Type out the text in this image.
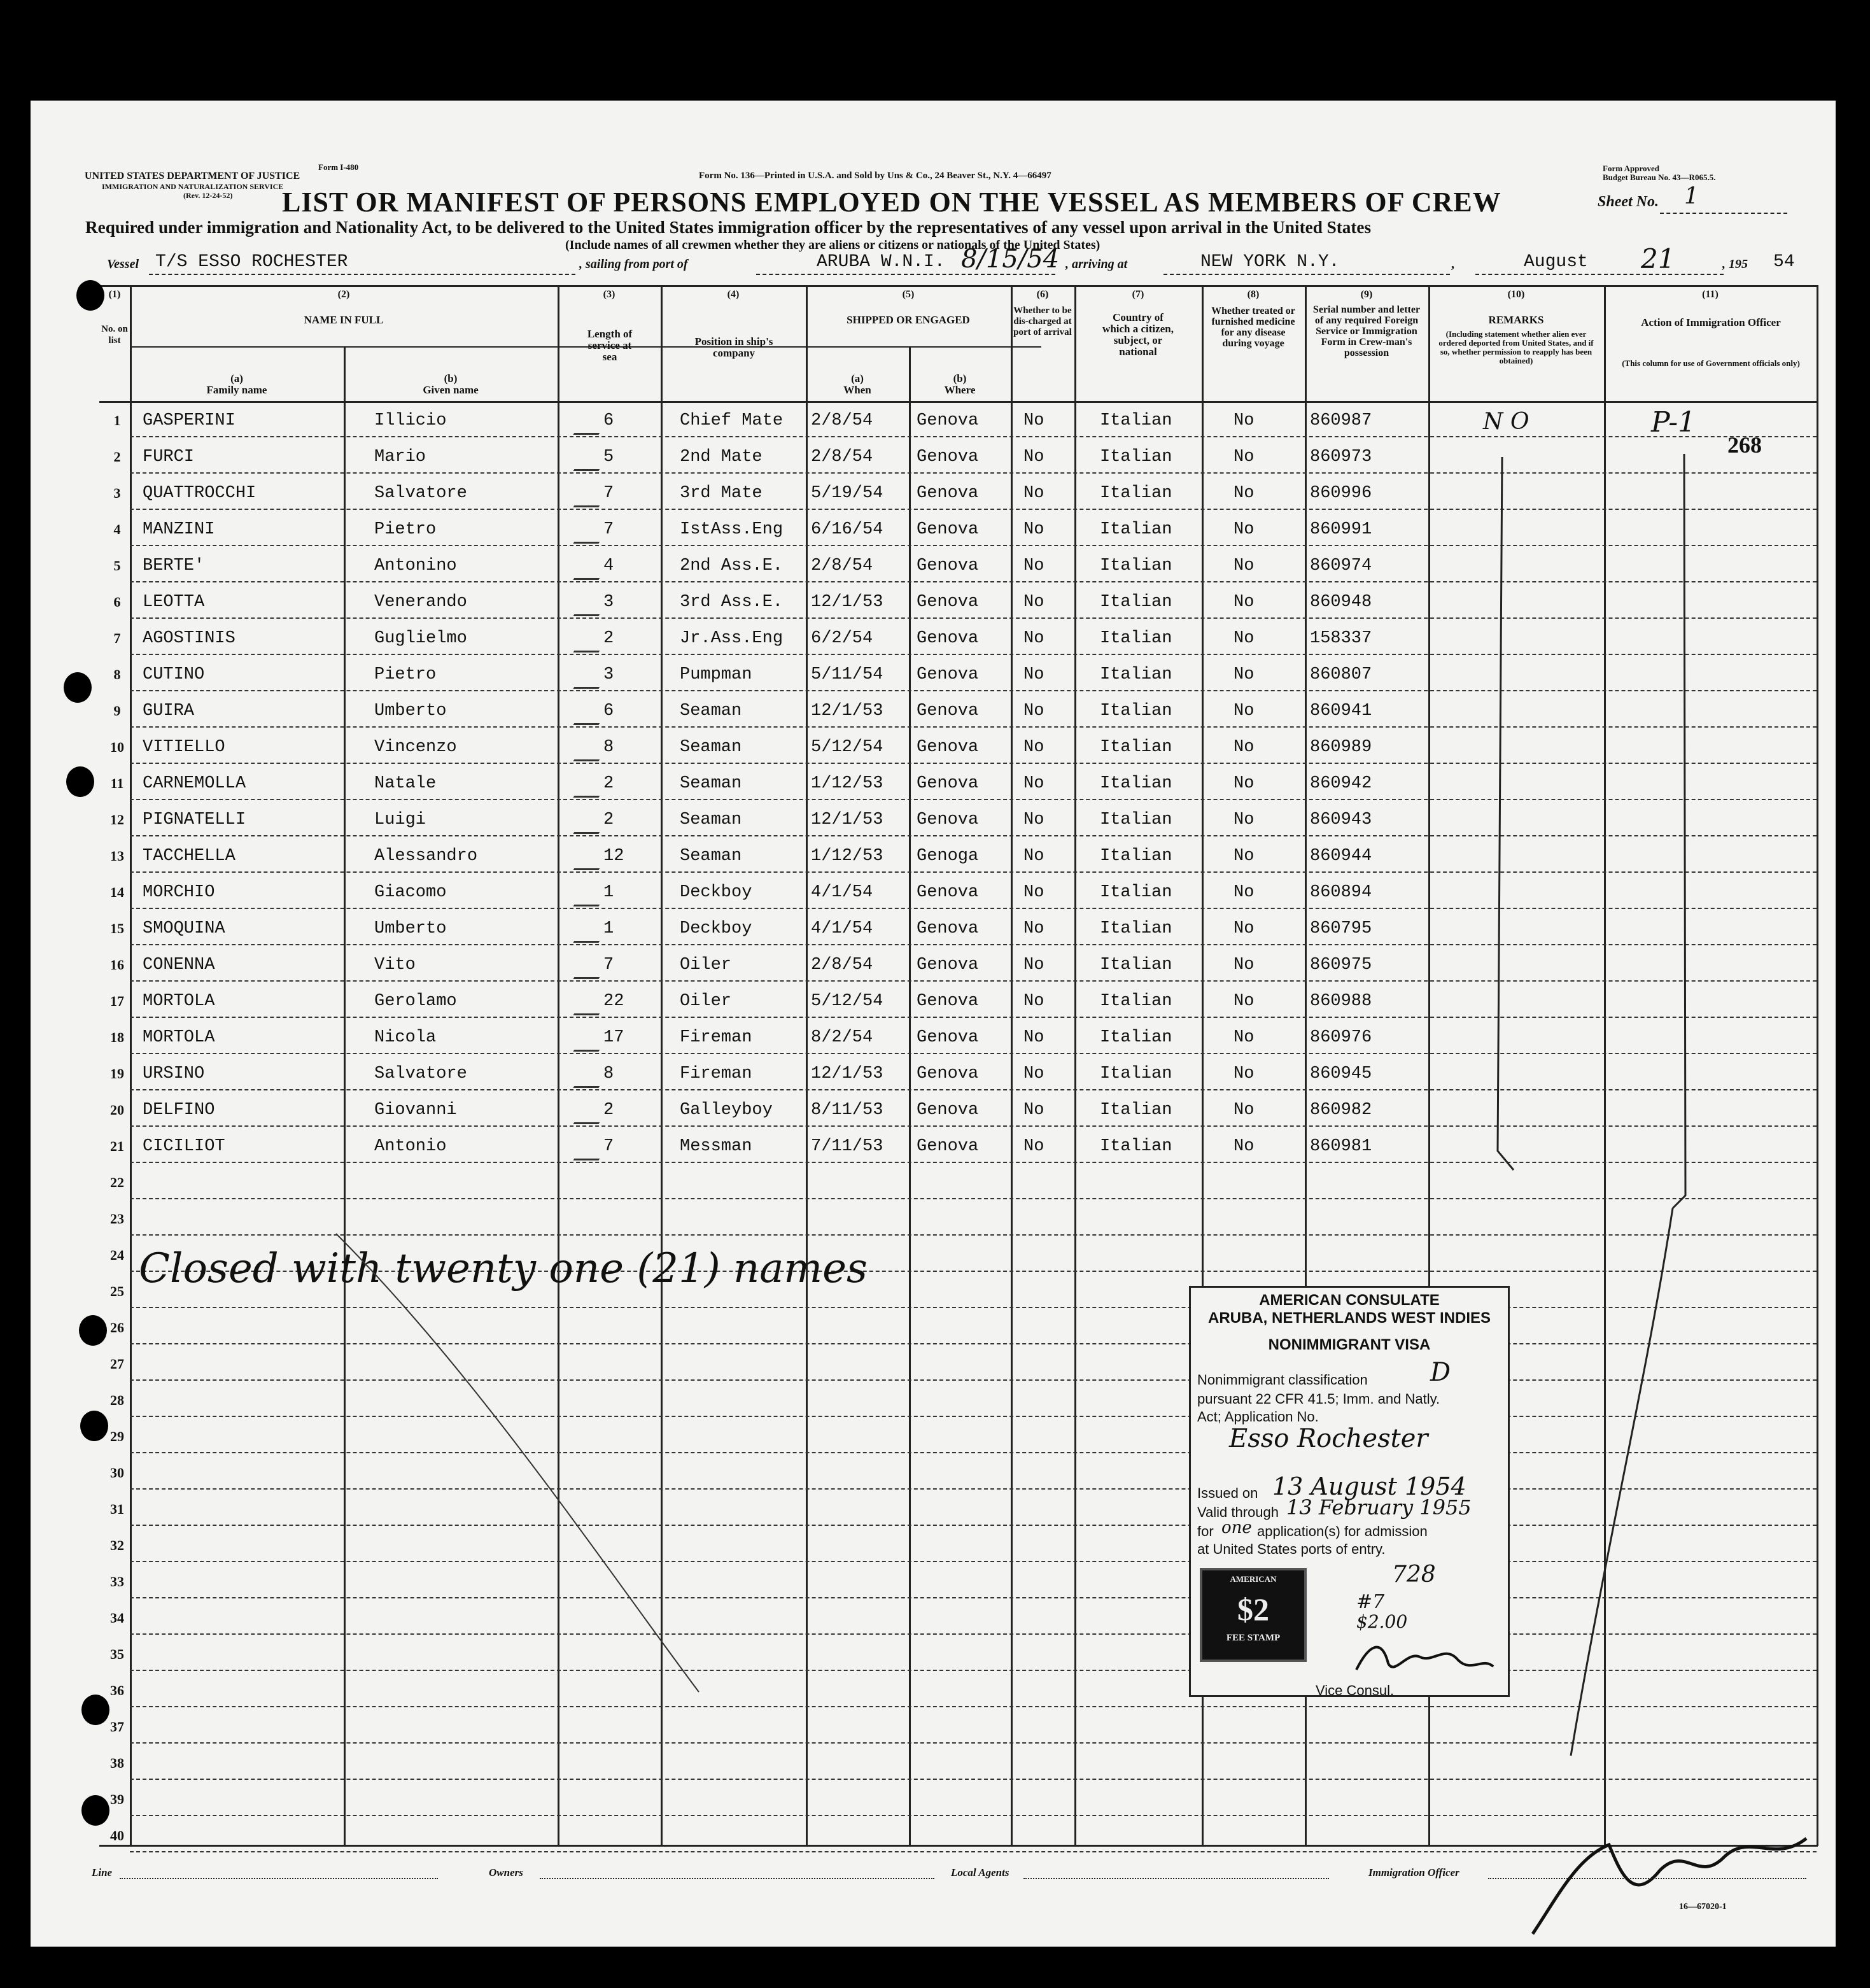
Form I-480
UNITED STATES DEPARTMENT OF JUSTICE
IMMIGRATION AND NATURALIZATION SERVICE
(Rev. 12-24-52)
Form No. 136—Printed in U.S.A. and Sold by Uns & Co., 24 Beaver St., N.Y. 4—66497
Form Approved
Budget Bureau No. 43—R065.5.
LIST OR MANIFEST OF PERSONS EMPLOYED ON THE VESSEL AS MEMBERS OF CREW	Sheet No. 1
Required under immigration and Nationality Act, to be delivered to the United States immigration officer by the representatives of any vessel upon arrival in the United States
(Include names of all crewmen whether they are aliens or citizens or nationals of the United States)
Vessel T/S ESSO ROCHESTER	, sailing from port of	ARUBA W.N.I. 8/15/54 , arriving at	NEW YORK N.Y.	,	August 21	, 195 54
(1)
No. on list
(2)
NAME IN FULL
(a)
Family name
(b)
Given name
(3)
Length of service at sea
(4)
Position in ship's company
(5)
SHIPPED OR ENGAGED
(a)
When
(b)
Where
(6)
Whether to be dis-charged at port of arrival
(7)
Country of which a citizen, subject, or national
(8)
Whether treated or furnished medicine for any disease during voyage
(9)
Serial number and letter of any required Foreign Service or Immigration Form in Crew-man's possession
(10)
REMARKS
(Including statement whether alien ever ordered deported from United States, and if so, whether permission to reapply has been obtained)
(11)
Action of Immigration Officer
(This column for use of Government officials only)
1	GASPERINI	Illicio	6	Chief Mate 2/8/54	Genova	No	Italian	No	860987
2	FURCI	Mario	5	2nd Mate	2/8/54	Genova	No	Italian	No	860973
3	QUATTROCCHI	Salvatore	7	3rd Mate	5/19/54 Genova	No	Italian	No	860996
4	MANZINI	Pietro	7	IstAss.Eng 6/16/54 Genova	No	Italian	No	860991
5	BERTE'	Antonino	4	2nd Ass.E. 2/8/54	Genova	No	Italian	No	860974
6	LEOTTA	Venerando	3	3rd Ass.E. 12/1/53 Genova	No	Italian	No	860948
7	AGOSTINIS	Guglielmo	2	Jr.Ass.Eng 6/2/54	Genova	No	Italian	No	158337
8	CUTINO	Pietro	3	Pumpman	5/11/54 Genova	No	Italian	No	860807
9	GUIRA	Umberto	6	Seaman	12/1/53 Genova	No	Italian	No	860941
10	VITIELLO	Vincenzo	8	Seaman	5/12/54 Genova	No	Italian	No	860989
11	CARNEMOLLA	Natale	2	Seaman	1/12/53 Genova	No	Italian	No	860942
12	PIGNATELLI	Luigi	2	Seaman	12/1/53 Genova	No	Italian	No	860943
13	TACCHELLA	Alessandro	12	Seaman	1/12/53 Genoga	No	Italian	No	860944
14	MORCHIO	Giacomo	1	Deckboy	4/1/54	Genova	No	Italian	No	860894
15	SMOQUINA	Umberto	1	Deckboy	4/1/54	Genova	No	Italian	No	860795
16	CONENNA	Vito	7	Oiler	2/8/54	Genova	No	Italian	No	860975
17	MORTOLA	Gerolamo	22	Oiler	5/12/54 Genova	No	Italian	No	860988
18	MORTOLA	Nicola	17	Fireman	8/2/54	Genova	No	Italian	No	860976
19	URSINO	Salvatore	8	Fireman	12/1/53 Genova	No	Italian	No	860945
20	DELFINO	Giovanni	2	Galleyboy 8/11/53 Genova	No	Italian	No	860982
21	CICILIOT	Antonio	7	Messman	7/11/53 Genova	No	Italian	No	860981
22
23
24
25
26
27
28
29
30
31
32
33
34
35
36
37
38
39
40
Closed with twenty one (21) names
N O	P-1
268
AMERICAN CONSULATE
ARUBA, NETHERLANDS WEST INDIES
NONIMMIGRANT VISA
Nonimmigrant classification D
pursuant 22 CFR 41.5; Imm. and Natly.
Act; Application No.
Esso Rochester
Issued on 13 August 1954
Valid through 13 February 1955
for one application(s) for admission
at United States ports of entry.
728
#7
$2.00
AMERICAN
$2
FEE STAMP
Vice Consul.
Line	Owners	Local Agents	Immigration Officer
16—67020-1
